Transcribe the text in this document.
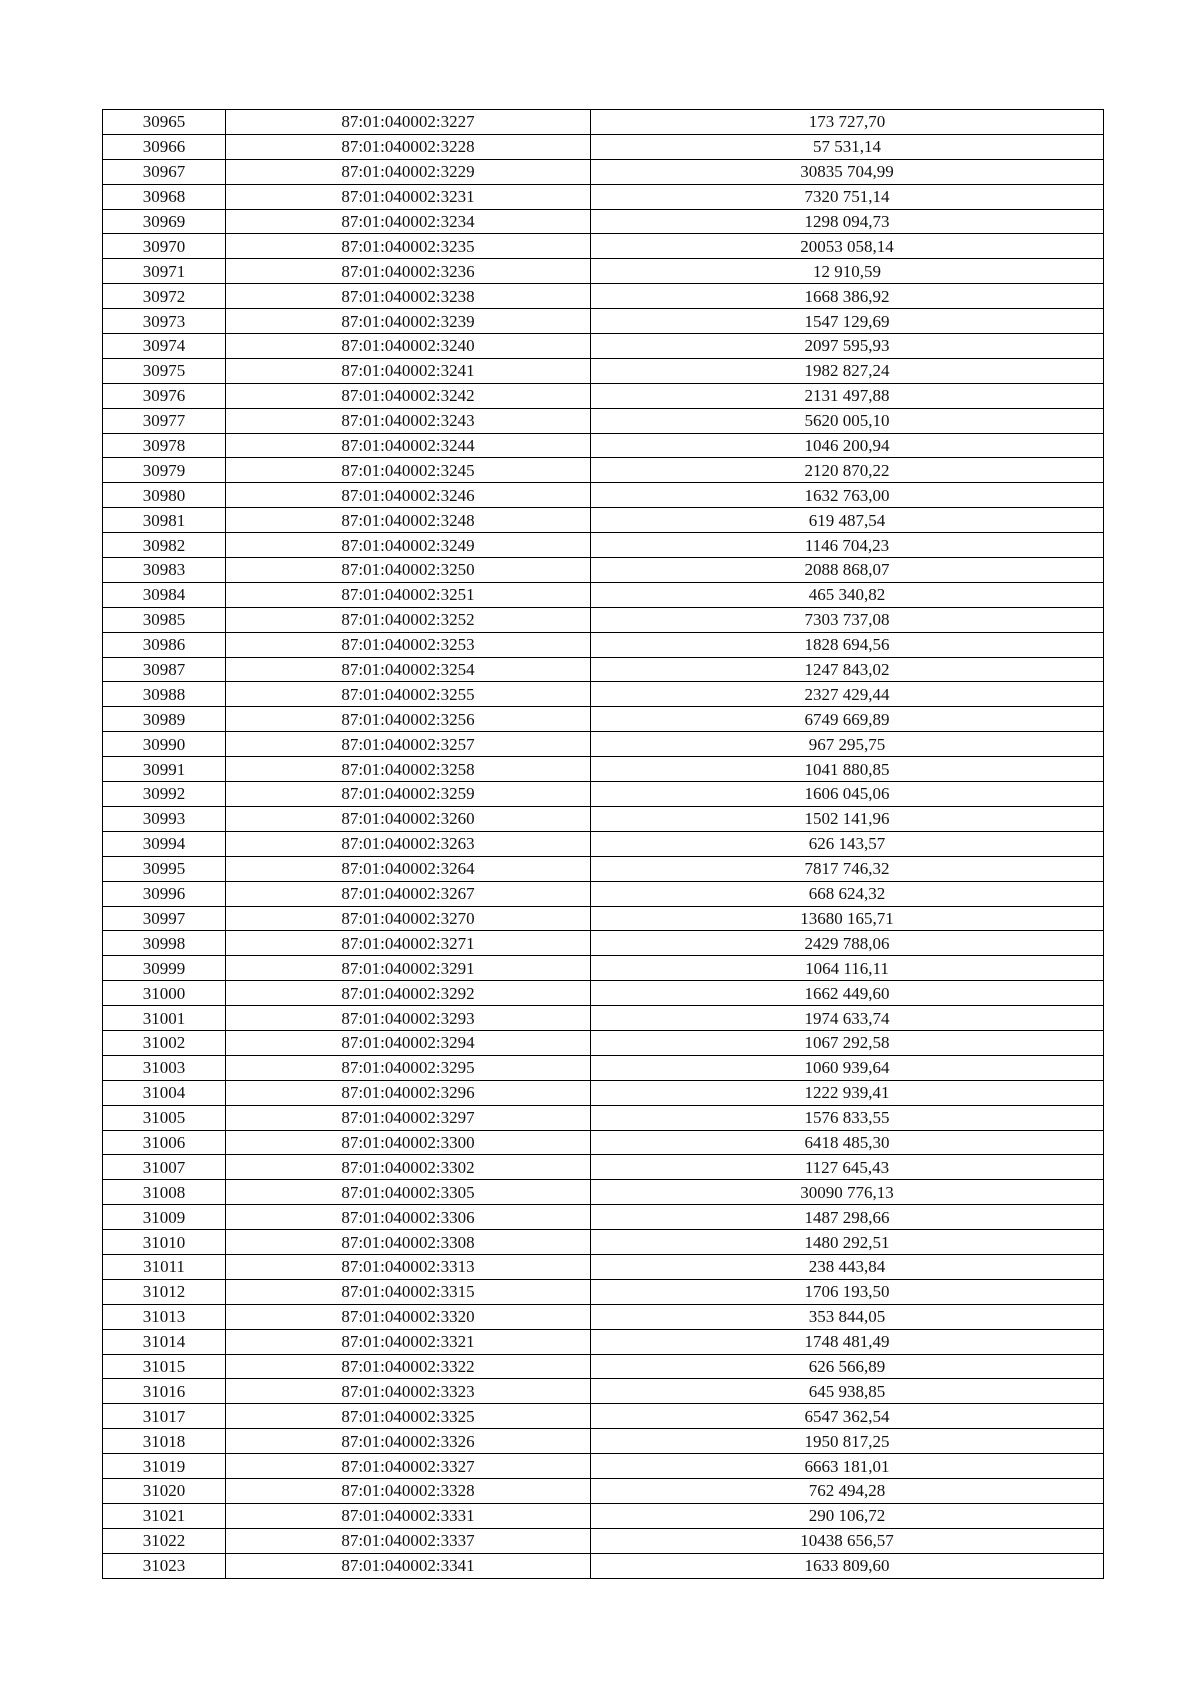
30965	87:01:040002:3227	173 727,70
30966	87:01:040002:3228	57 531,14
30967	87:01:040002:3229	30835 704,99
30968	87:01:040002:3231	7320 751,14
30969	87:01:040002:3234	1298 094,73
30970	87:01:040002:3235	20053 058,14
30971	87:01:040002:3236	12 910,59
30972	87:01:040002:3238	1668 386,92
30973	87:01:040002:3239	1547 129,69
30974	87:01:040002:3240	2097 595,93
30975	87:01:040002:3241	1982 827,24
30976	87:01:040002:3242	2131 497,88
30977	87:01:040002:3243	5620 005,10
30978	87:01:040002:3244	1046 200,94
30979	87:01:040002:3245	2120 870,22
30980	87:01:040002:3246	1632 763,00
30981	87:01:040002:3248	619 487,54
30982	87:01:040002:3249	1146 704,23
30983	87:01:040002:3250	2088 868,07
30984	87:01:040002:3251	465 340,82
30985	87:01:040002:3252	7303 737,08
30986	87:01:040002:3253	1828 694,56
30987	87:01:040002:3254	1247 843,02
30988	87:01:040002:3255	2327 429,44
30989	87:01:040002:3256	6749 669,89
30990	87:01:040002:3257	967 295,75
30991	87:01:040002:3258	1041 880,85
30992	87:01:040002:3259	1606 045,06
30993	87:01:040002:3260	1502 141,96
30994	87:01:040002:3263	626 143,57
30995	87:01:040002:3264	7817 746,32
30996	87:01:040002:3267	668 624,32
30997	87:01:040002:3270	13680 165,71
30998	87:01:040002:3271	2429 788,06
30999	87:01:040002:3291	1064 116,11
31000	87:01:040002:3292	1662 449,60
31001	87:01:040002:3293	1974 633,74
31002	87:01:040002:3294	1067 292,58
31003	87:01:040002:3295	1060 939,64
31004	87:01:040002:3296	1222 939,41
31005	87:01:040002:3297	1576 833,55
31006	87:01:040002:3300	6418 485,30
31007	87:01:040002:3302	1127 645,43
31008	87:01:040002:3305	30090 776,13
31009	87:01:040002:3306	1487 298,66
31010	87:01:040002:3308	1480 292,51
31011	87:01:040002:3313	238 443,84
31012	87:01:040002:3315	1706 193,50
31013	87:01:040002:3320	353 844,05
31014	87:01:040002:3321	1748 481,49
31015	87:01:040002:3322	626 566,89
31016	87:01:040002:3323	645 938,85
31017	87:01:040002:3325	6547 362,54
31018	87:01:040002:3326	1950 817,25
31019	87:01:040002:3327	6663 181,01
31020	87:01:040002:3328	762 494,28
31021	87:01:040002:3331	290 106,72
31022	87:01:040002:3337	10438 656,57
31023	87:01:040002:3341	1633 809,60
